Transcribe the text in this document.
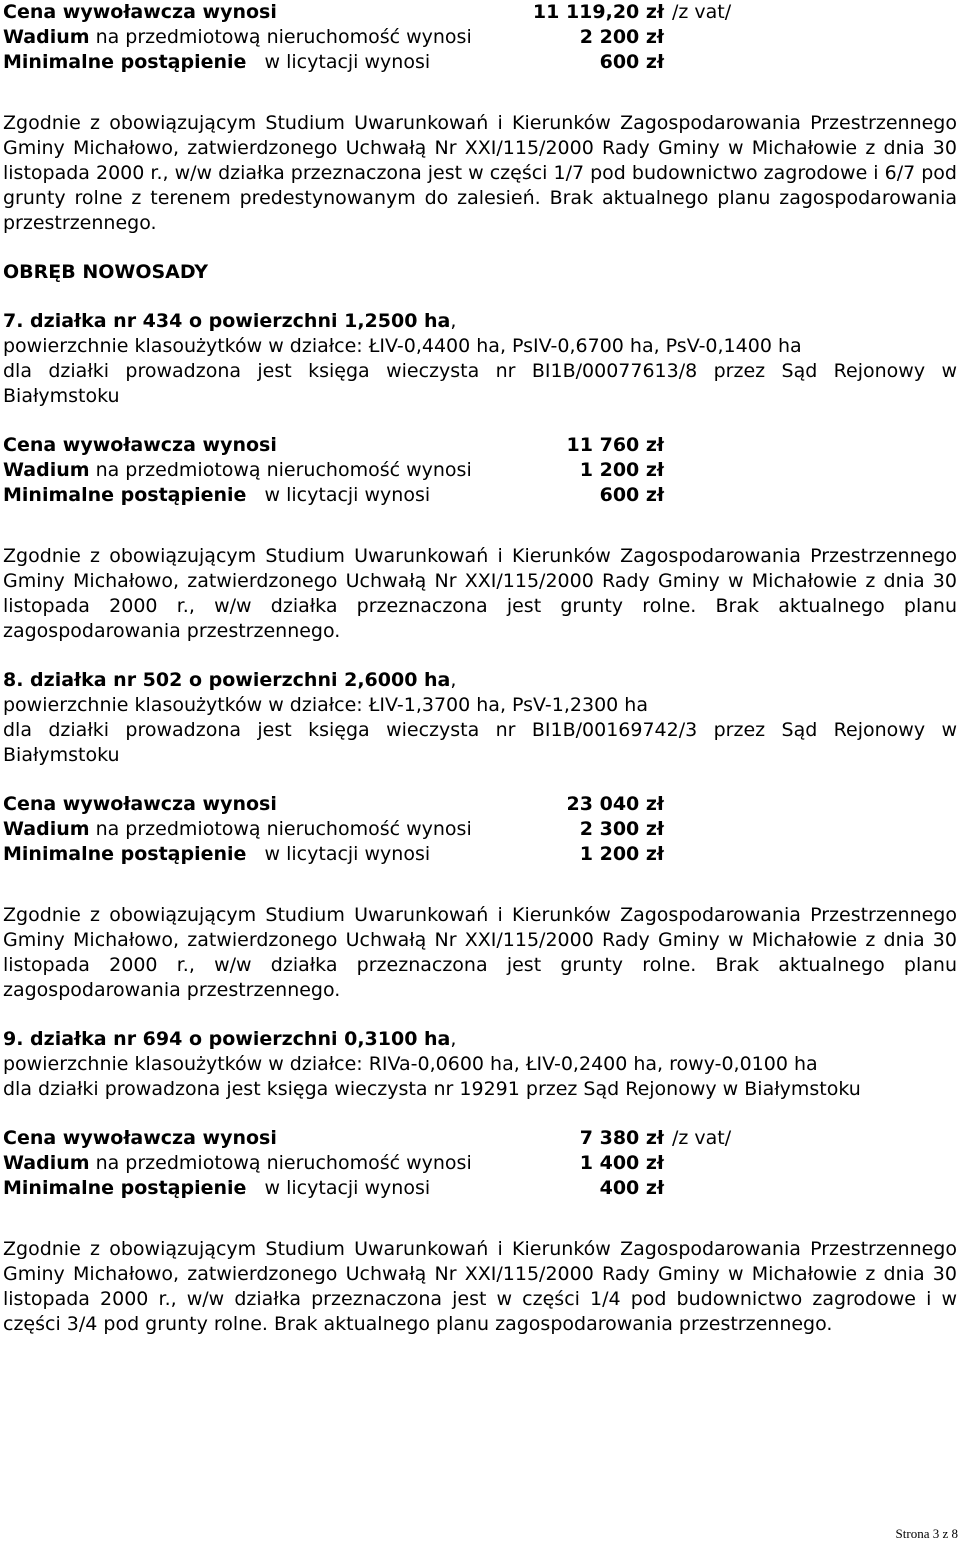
Cena wywoławcza wynosi	11 119,20 zł /z vat/
Wadium na przedmiotową nieruchomość wynosi	2 200 zł
Minimalne postąpienie   w licytacji wynosi	600 zł

Zgodnie z obowiązującym Studium Uwarunkowań i Kierunków Zagospodarowania Przestrzennego Gminy Michałowo, zatwierdzonego Uchwałą Nr XXI/115/2000 Rady Gminy w Michałowie z dnia 30 listopada 2000 r., w/w działka przeznaczona jest w części 1/7 pod budownictwo zagrodowe i 6/7 pod grunty rolne z terenem predestynowanym do zalesień. Brak aktualnego planu zagospodarowania przestrzennego.

OBRĘB NOWOSADY

7. działka nr 434 o powierzchni 1,2500 ha,

powierzchnie klasoużytków w działce: ŁIV-0,4400 ha, PsIV-0,6700 ha, PsV-0,1400 ha

dla działki prowadzona jest księga wieczysta nr BI1B/00077613/8 przez Sąd Rejonowy w Białymstoku

Cena wywoławcza wynosi	11 760 zł
Wadium na przedmiotową nieruchomość wynosi	1 200 zł
Minimalne postąpienie   w licytacji wynosi	600 zł

Zgodnie z obowiązującym Studium Uwarunkowań i Kierunków Zagospodarowania Przestrzennego Gminy Michałowo, zatwierdzonego Uchwałą Nr XXI/115/2000 Rady Gminy w Michałowie z dnia 30 listopada 2000 r., w/w działka przeznaczona jest grunty rolne. Brak aktualnego planu zagospodarowania przestrzennego.

8. działka nr 502 o powierzchni 2,6000 ha,

powierzchnie klasoużytków w działce: ŁIV-1,3700 ha, PsV-1,2300 ha

dla działki prowadzona jest księga wieczysta nr BI1B/00169742/3 przez Sąd Rejonowy w Białymstoku

Cena wywoławcza wynosi	23 040 zł
Wadium na przedmiotową nieruchomość wynosi	2 300 zł
Minimalne postąpienie   w licytacji wynosi	1 200 zł

Zgodnie z obowiązującym Studium Uwarunkowań i Kierunków Zagospodarowania Przestrzennego Gminy Michałowo, zatwierdzonego Uchwałą Nr XXI/115/2000 Rady Gminy w Michałowie z dnia 30 listopada 2000 r., w/w działka przeznaczona jest grunty rolne. Brak aktualnego planu zagospodarowania przestrzennego.

9. działka nr 694 o powierzchni 0,3100 ha,

powierzchnie klasoużytków w działce: RIVa-0,0600 ha, ŁIV-0,2400 ha, rowy-0,0100 ha

dla działki prowadzona jest księga wieczysta nr 19291 przez Sąd Rejonowy w Białymstoku

Cena wywoławcza wynosi	7 380 zł /z vat/
Wadium na przedmiotową nieruchomość wynosi	1 400 zł
Minimalne postąpienie   w licytacji wynosi	400 zł

Zgodnie z obowiązującym Studium Uwarunkowań i Kierunków Zagospodarowania Przestrzennego Gminy Michałowo, zatwierdzonego Uchwałą Nr XXI/115/2000 Rady Gminy w Michałowie z dnia 30 listopada 2000 r., w/w działka przeznaczona jest w części 1/4 pod budownictwo zagrodowe i w części 3/4 pod grunty rolne. Brak aktualnego planu zagospodarowania przestrzennego.

Strona 3 z 8
